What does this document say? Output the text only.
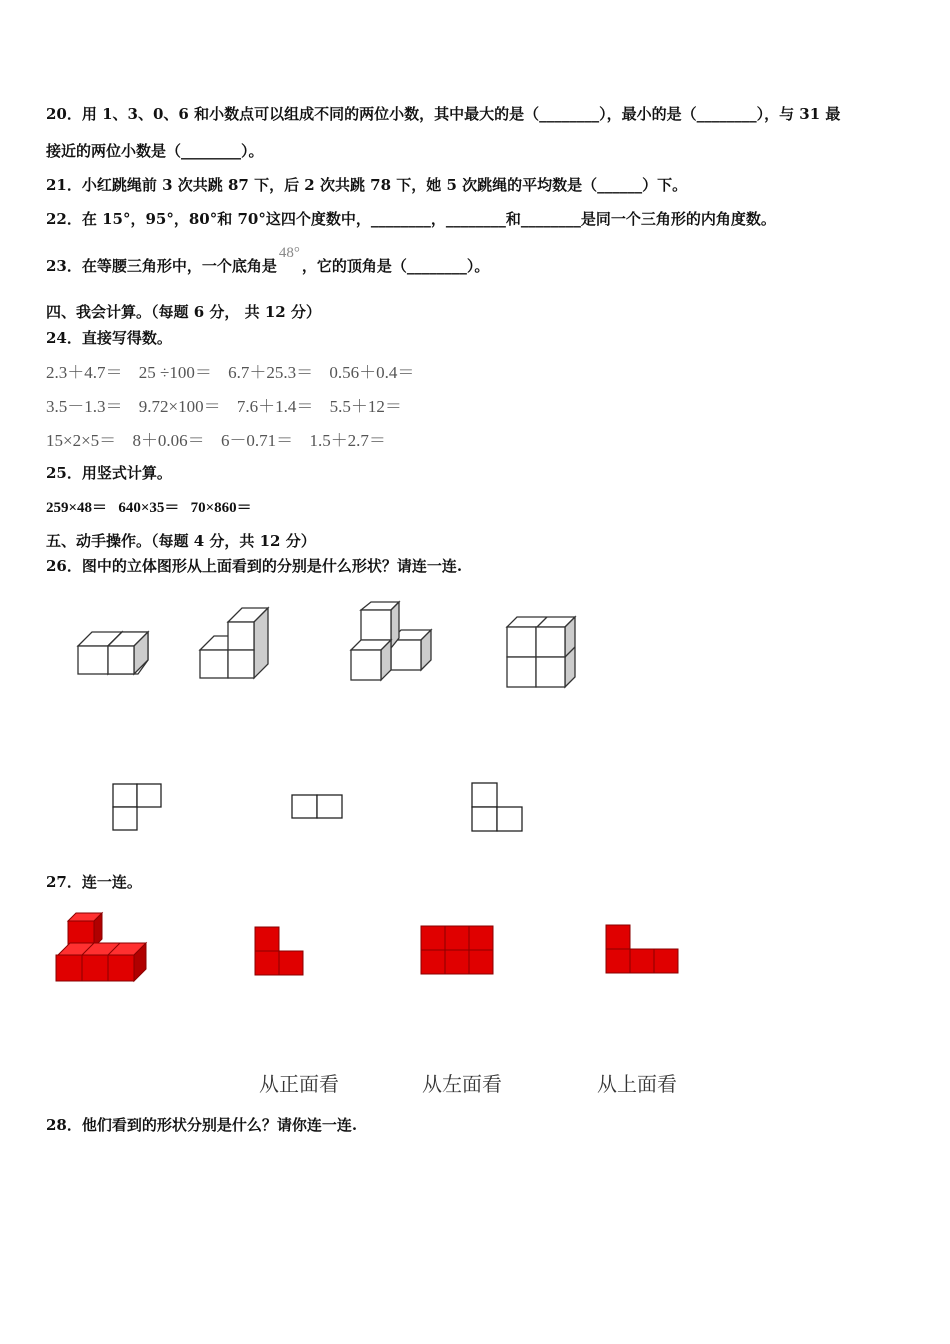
20．用 1、3、0、6 和小数点可以组成不同的两位小数，其中最大的是（________），最小的是（________），与 31 最
接近的两位小数是（________）。
21．小红跳绳前 3 次共跳 87 下，后 2 次共跳 78 下，她 5 次跳绳的平均数是（______）下。
22．在 15°，95°，80°和 70°这四个度数中，________，________和________是同一个三角形的内角度数。
23．在等腰三角形中，一个底角是48°，它的顶角是（________）。
四、我会计算。（每题 6 分， 共 12 分）
24．直接写得数。
2.3＋4.7＝ 25 ÷100＝ 6.7＋25.3＝ 0.56＋0.4＝
3.5－1.3＝ 9.72×100＝ 7.6＋1.4＝ 5.5＋12＝
15×2×5＝ 8＋0.06＝ 6－0.71＝ 1.5＋2.7＝
25．用竖式计算。
259×48＝ 640×35＝ 70×860＝
五、动手操作。（每题 4 分，共 12 分）
26．图中的立体图形从上面看到的分别是什么形状？请连一连.
27．连一连。
从正面看	从左面看	从上面看
28．他们看到的形状分别是什么？请你连一连.
